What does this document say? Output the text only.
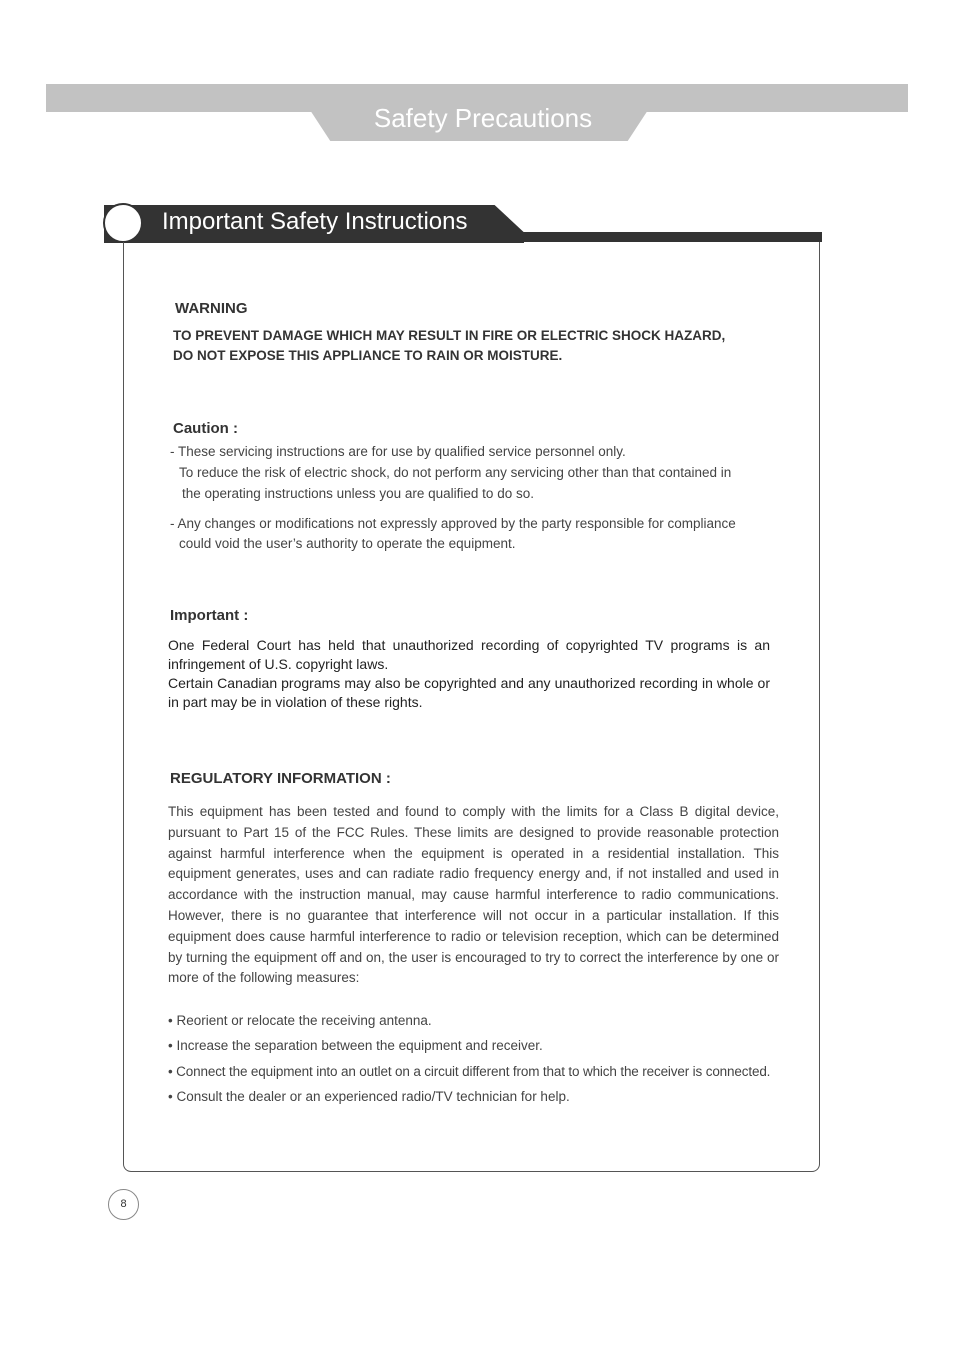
Safety Precautions
Important Safety Instructions
WARNING
TO PREVENT DAMAGE WHICH MAY RESULT IN FIRE OR ELECTRIC SHOCK HAZARD,
DO NOT EXPOSE THIS APPLIANCE TO RAIN OR MOISTURE.
Caution :
- These servicing instructions are for use by qualified service personnel only.
To reduce the risk of electric shock, do not perform any servicing other than that contained in
the operating instructions unless you are qualified to do so.
- Any changes or modifications not expressly approved by the party responsible for compliance
could void the user’s authority to operate the equipment.
Important :
One Federal Court has held that unauthorized recording of copyrighted TV programs is an infringement of U.S. copyright laws.
Certain Canadian programs may also be copyrighted and any unauthorized recording in whole or in part may be in violation of these rights.
REGULATORY INFORMATION :
This equipment has been tested and found to comply with the limits for a Class B digital device, pursuant to Part 15 of the FCC Rules. These limits are designed to provide reasonable protection against harmful interference when the equipment is operated in a residential installation. This equipment generates, uses and can radiate radio frequency energy and, if not installed and used in accordance with the instruction manual, may cause harmful interference to radio communications. However, there is no guarantee that interference will not occur in a particular installation. If this equipment does cause harmful interference to radio or television reception, which can be determined by turning the equipment off and on, the user is encouraged to try to correct the interference by one or more of the following measures:
• Reorient or relocate the receiving antenna.
• Increase the separation between the equipment and receiver.
• Connect the equipment into an outlet on a circuit different from that to which the receiver is connected.
• Consult the dealer or an experienced radio/TV technician for help.
8
